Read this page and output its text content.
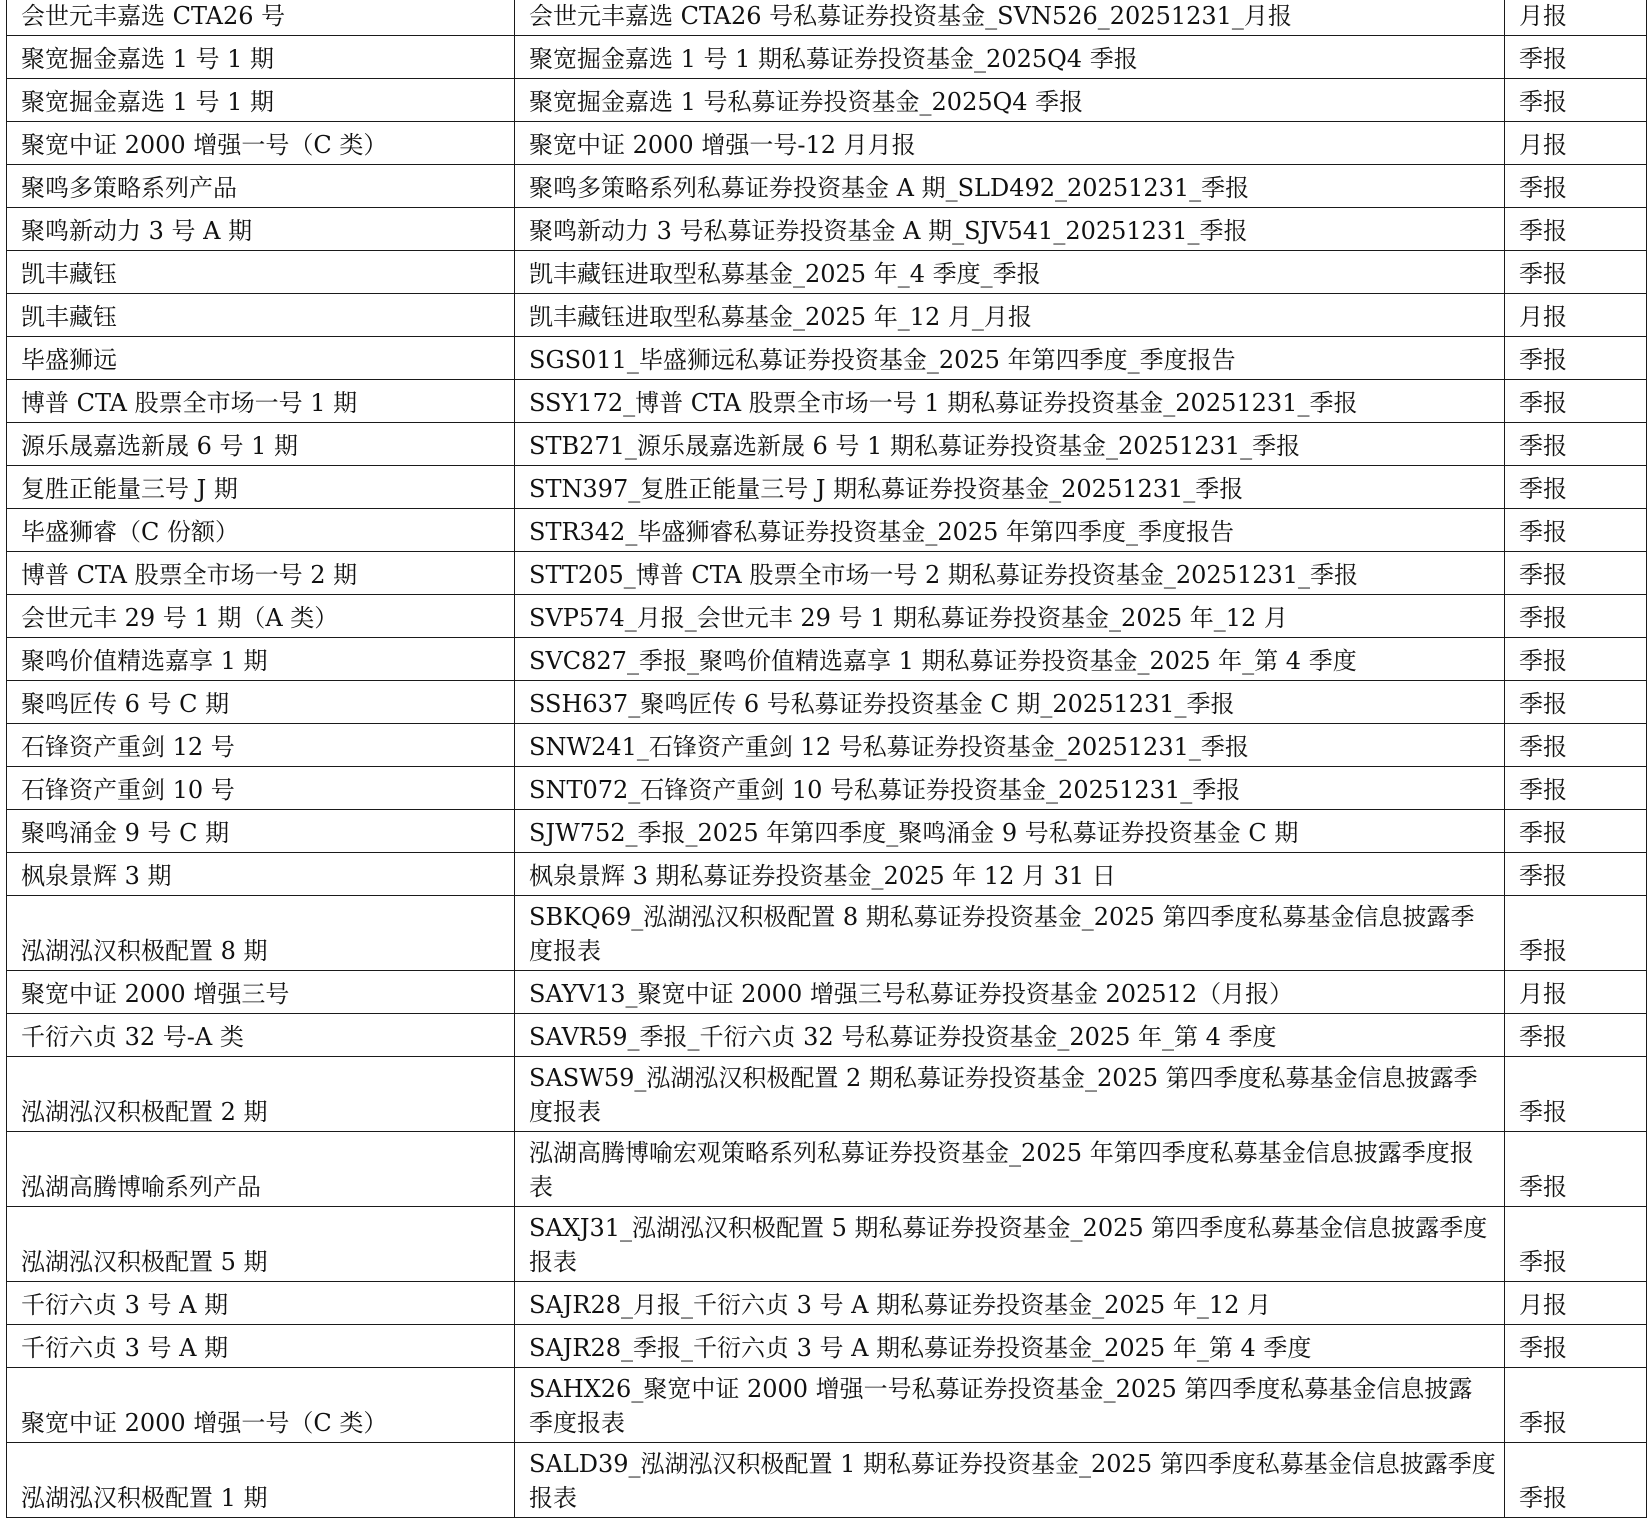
会世元丰嘉选 CTA26 号	会世元丰嘉选 CTA26 号私募证券投资基金_SVN526_20251231_月报	月报
聚宽掘金嘉选 1 号 1 期	聚宽掘金嘉选 1 号 1 期私募证券投资基金_2025Q4 季报	季报
聚宽掘金嘉选 1 号 1 期	聚宽掘金嘉选 1 号私募证券投资基金_2025Q4 季报	季报
聚宽中证 2000 增强一号（C 类）	聚宽中证 2000 增强一号-12 月月报	月报
聚鸣多策略系列产品	聚鸣多策略系列私募证券投资基金 A 期_SLD492_20251231_季报	季报
聚鸣新动力 3 号 A 期	聚鸣新动力 3 号私募证券投资基金 A 期_SJV541_20251231_季报	季报
凯丰藏钰	凯丰藏钰进取型私募基金_2025 年_4 季度_季报	季报
凯丰藏钰	凯丰藏钰进取型私募基金_2025 年_12 月_月报	月报
毕盛狮远	SGS011_毕盛狮远私募证券投资基金_2025 年第四季度_季度报告	季报
博普 CTA 股票全市场一号 1 期	SSY172_博普 CTA 股票全市场一号 1 期私募证券投资基金_20251231_季报	季报
源乐晟嘉选新晟 6 号 1 期	STB271_源乐晟嘉选新晟 6 号 1 期私募证券投资基金_20251231_季报	季报
复胜正能量三号 J 期	STN397_复胜正能量三号 J 期私募证券投资基金_20251231_季报	季报
毕盛狮睿（C 份额）	STR342_毕盛狮睿私募证券投资基金_2025 年第四季度_季度报告	季报
博普 CTA 股票全市场一号 2 期	STT205_博普 CTA 股票全市场一号 2 期私募证券投资基金_20251231_季报	季报
会世元丰 29 号 1 期（A 类）	SVP574_月报_会世元丰 29 号 1 期私募证券投资基金_2025 年_12 月	季报
聚鸣价值精选嘉享 1 期	SVC827_季报_聚鸣价值精选嘉享 1 期私募证券投资基金_2025 年_第 4 季度	季报
聚鸣匠传 6 号 C 期	SSH637_聚鸣匠传 6 号私募证券投资基金 C 期_20251231_季报	季报
石锋资产重剑 12 号	SNW241_石锋资产重剑 12 号私募证券投资基金_20251231_季报	季报
石锋资产重剑 10 号	SNT072_石锋资产重剑 10 号私募证券投资基金_20251231_季报	季报
聚鸣涌金 9 号 C 期	SJW752_季报_2025 年第四季度_聚鸣涌金 9 号私募证券投资基金 C 期	季报
枫泉景辉 3 期	枫泉景辉 3 期私募证券投资基金_2025 年 12 月 31 日	季报
泓湖泓汉积极配置 8 期	SBKQ69_泓湖泓汉积极配置 8 期私募证券投资基金_2025 第四季度私募基金信息披露季度报表	季报
聚宽中证 2000 增强三号	SAYV13_聚宽中证 2000 增强三号私募证券投资基金 202512（月报）	月报
千衍六贞 32 号-A 类	SAVR59_季报_千衍六贞 32 号私募证券投资基金_2025 年_第 4 季度	季报
泓湖泓汉积极配置 2 期	SASW59_泓湖泓汉积极配置 2 期私募证券投资基金_2025 第四季度私募基金信息披露季度报表	季报
泓湖高腾博喻系列产品	泓湖高腾博喻宏观策略系列私募证券投资基金_2025 年第四季度私募基金信息披露季度报表	季报
泓湖泓汉积极配置 5 期	SAXJ31_泓湖泓汉积极配置 5 期私募证券投资基金_2025 第四季度私募基金信息披露季度报表	季报
千衍六贞 3 号 A 期	SAJR28_月报_千衍六贞 3 号 A 期私募证券投资基金_2025 年_12 月	月报
千衍六贞 3 号 A 期	SAJR28_季报_千衍六贞 3 号 A 期私募证券投资基金_2025 年_第 4 季度	季报
聚宽中证 2000 增强一号（C 类）	SAHX26_聚宽中证 2000 增强一号私募证券投资基金_2025 第四季度私募基金信息披露季度报表	季报
泓湖泓汉积极配置 1 期	SALD39_泓湖泓汉积极配置 1 期私募证券投资基金_2025 第四季度私募基金信息披露季度报表	季报
